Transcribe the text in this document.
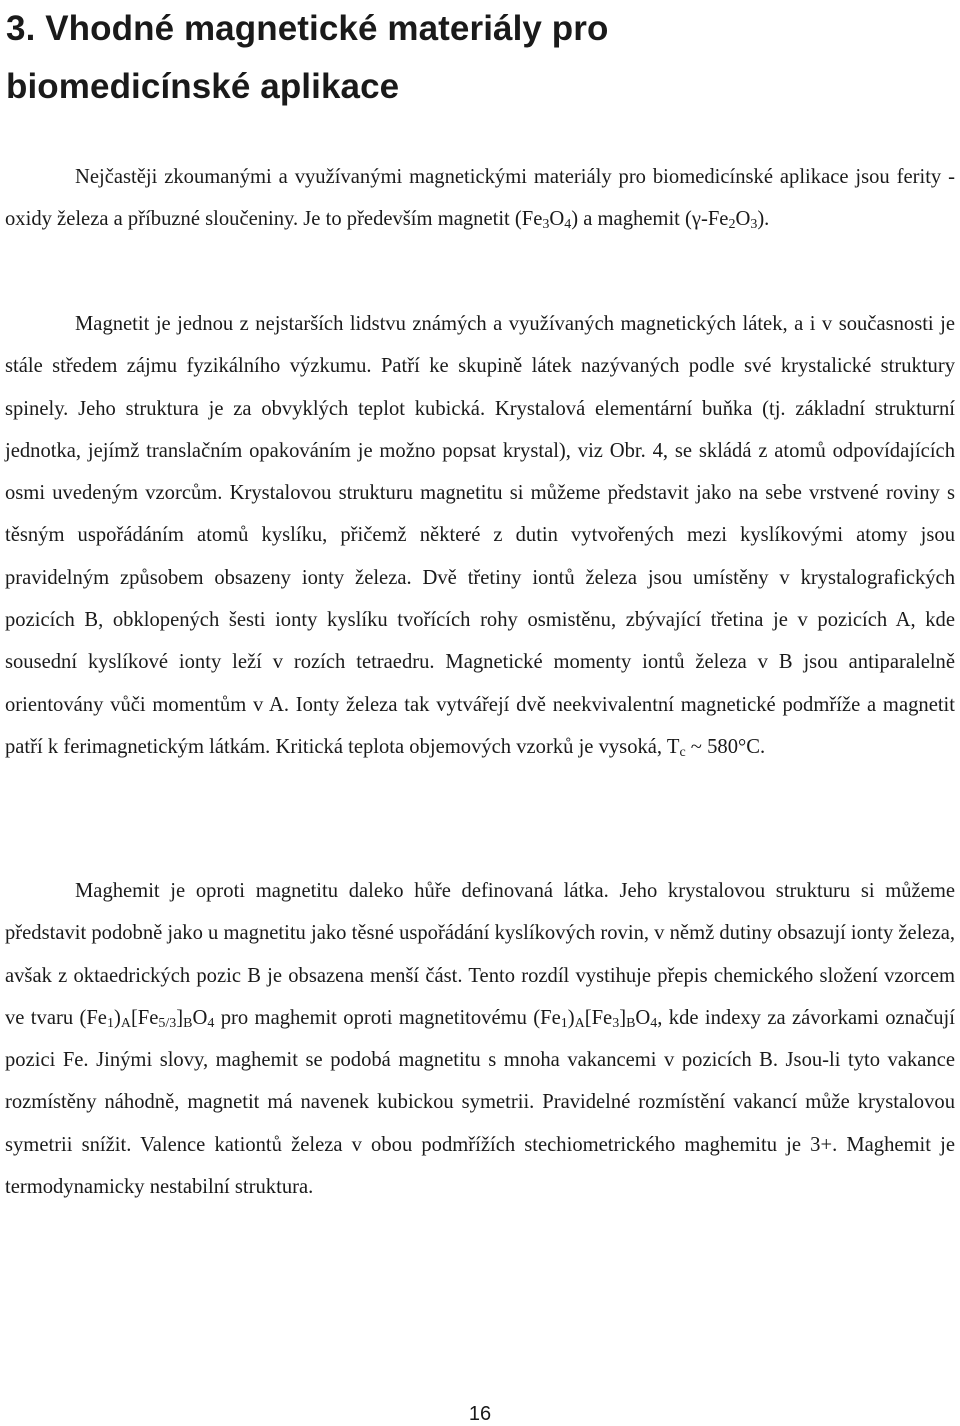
3. Vhodné magnetické materiály pro
biomedicínské aplikace

Nejčastěji zkoumanými a využívanými magnetickými materiály pro biomedicínské aplikace jsou ferity - oxidy železa a příbuzné sloučeniny. Je to především magnetit $(Fe_3O_4)$ a maghemit $(\gamma-Fe_2O_3)$.

Magnetit je jednou z nejstarších lidstvu známých a využívaných magnetických látek, a i v současnosti je stále středem zájmu fyzikálního výzkumu. Patří ke skupině látek nazývaných podle své krystalické struktury spinely. Jeho struktura je za obvyklých teplot kubická. Krystalová elementární buňka (tj. základní strukturní jednotka, jejímž translačním opakováním je možno popsat krystal), viz Obr. 4, se skládá z atomů odpovídajících osmi uvedeným vzorcům. Krystalovou strukturu magnetitu si můžeme představit jako na sebe vrstvené roviny s těsným uspořádáním atomů kyslíku, přičemž některé z dutin vytvořených mezi kyslíkovými atomy jsou pravidelným způsobem obsazeny ionty železa. Dvě třetiny iontů železa jsou umístěny v krystalografických pozicích B, obklopených šesti ionty kyslíku tvořících rohy osmistěnu, zbývající třetina je v pozicích A, kde sousední kyslíkové ionty leží v rozích tetraedru. Magnetické momenty iontů železa v B jsou antiparalelně orientovány vůči momentům v A. Ionty železa tak vytvářejí dvě neekvivalentní magnetické podmříže a magnetit patří k ferimagnetickým látkám. Kritická teplota objemových vzorků je vysoká, $T_c$ ~ 580°C.

Maghemit je oproti magnetitu daleko hůře definovaná látka. Jeho krystalovou strukturu si můžeme představit podobně jako u magnetitu jako těsné uspořádání kyslíkových rovin, v němž dutiny obsazují ionty železa, avšak z oktaedrických pozic B je obsazena menší část. Tento rozdíl vystihuje přepis chemického složení vzorcem ve tvaru $(Fe_1)_A[Fe_{5/3}]_BO_4$ pro maghemit oproti magnetitovému $(Fe_1)_A[Fe_3]_BO_4$, kde indexy za závorkami označují pozici Fe. Jinými slovy, maghemit se podobá magnetitu s mnoha vakancemi v pozicích B. Jsou-li tyto vakance rozmístěny náhodně, magnetit má navenek kubickou symetrii. Pravidelné rozmístění vakancí může krystalovou symetrii snížit. Valence kationtů železa v obou podmříží​ch stechiometrického maghemitu je 3+. Maghemit je termodynamicky nestabilní struktura.

16
